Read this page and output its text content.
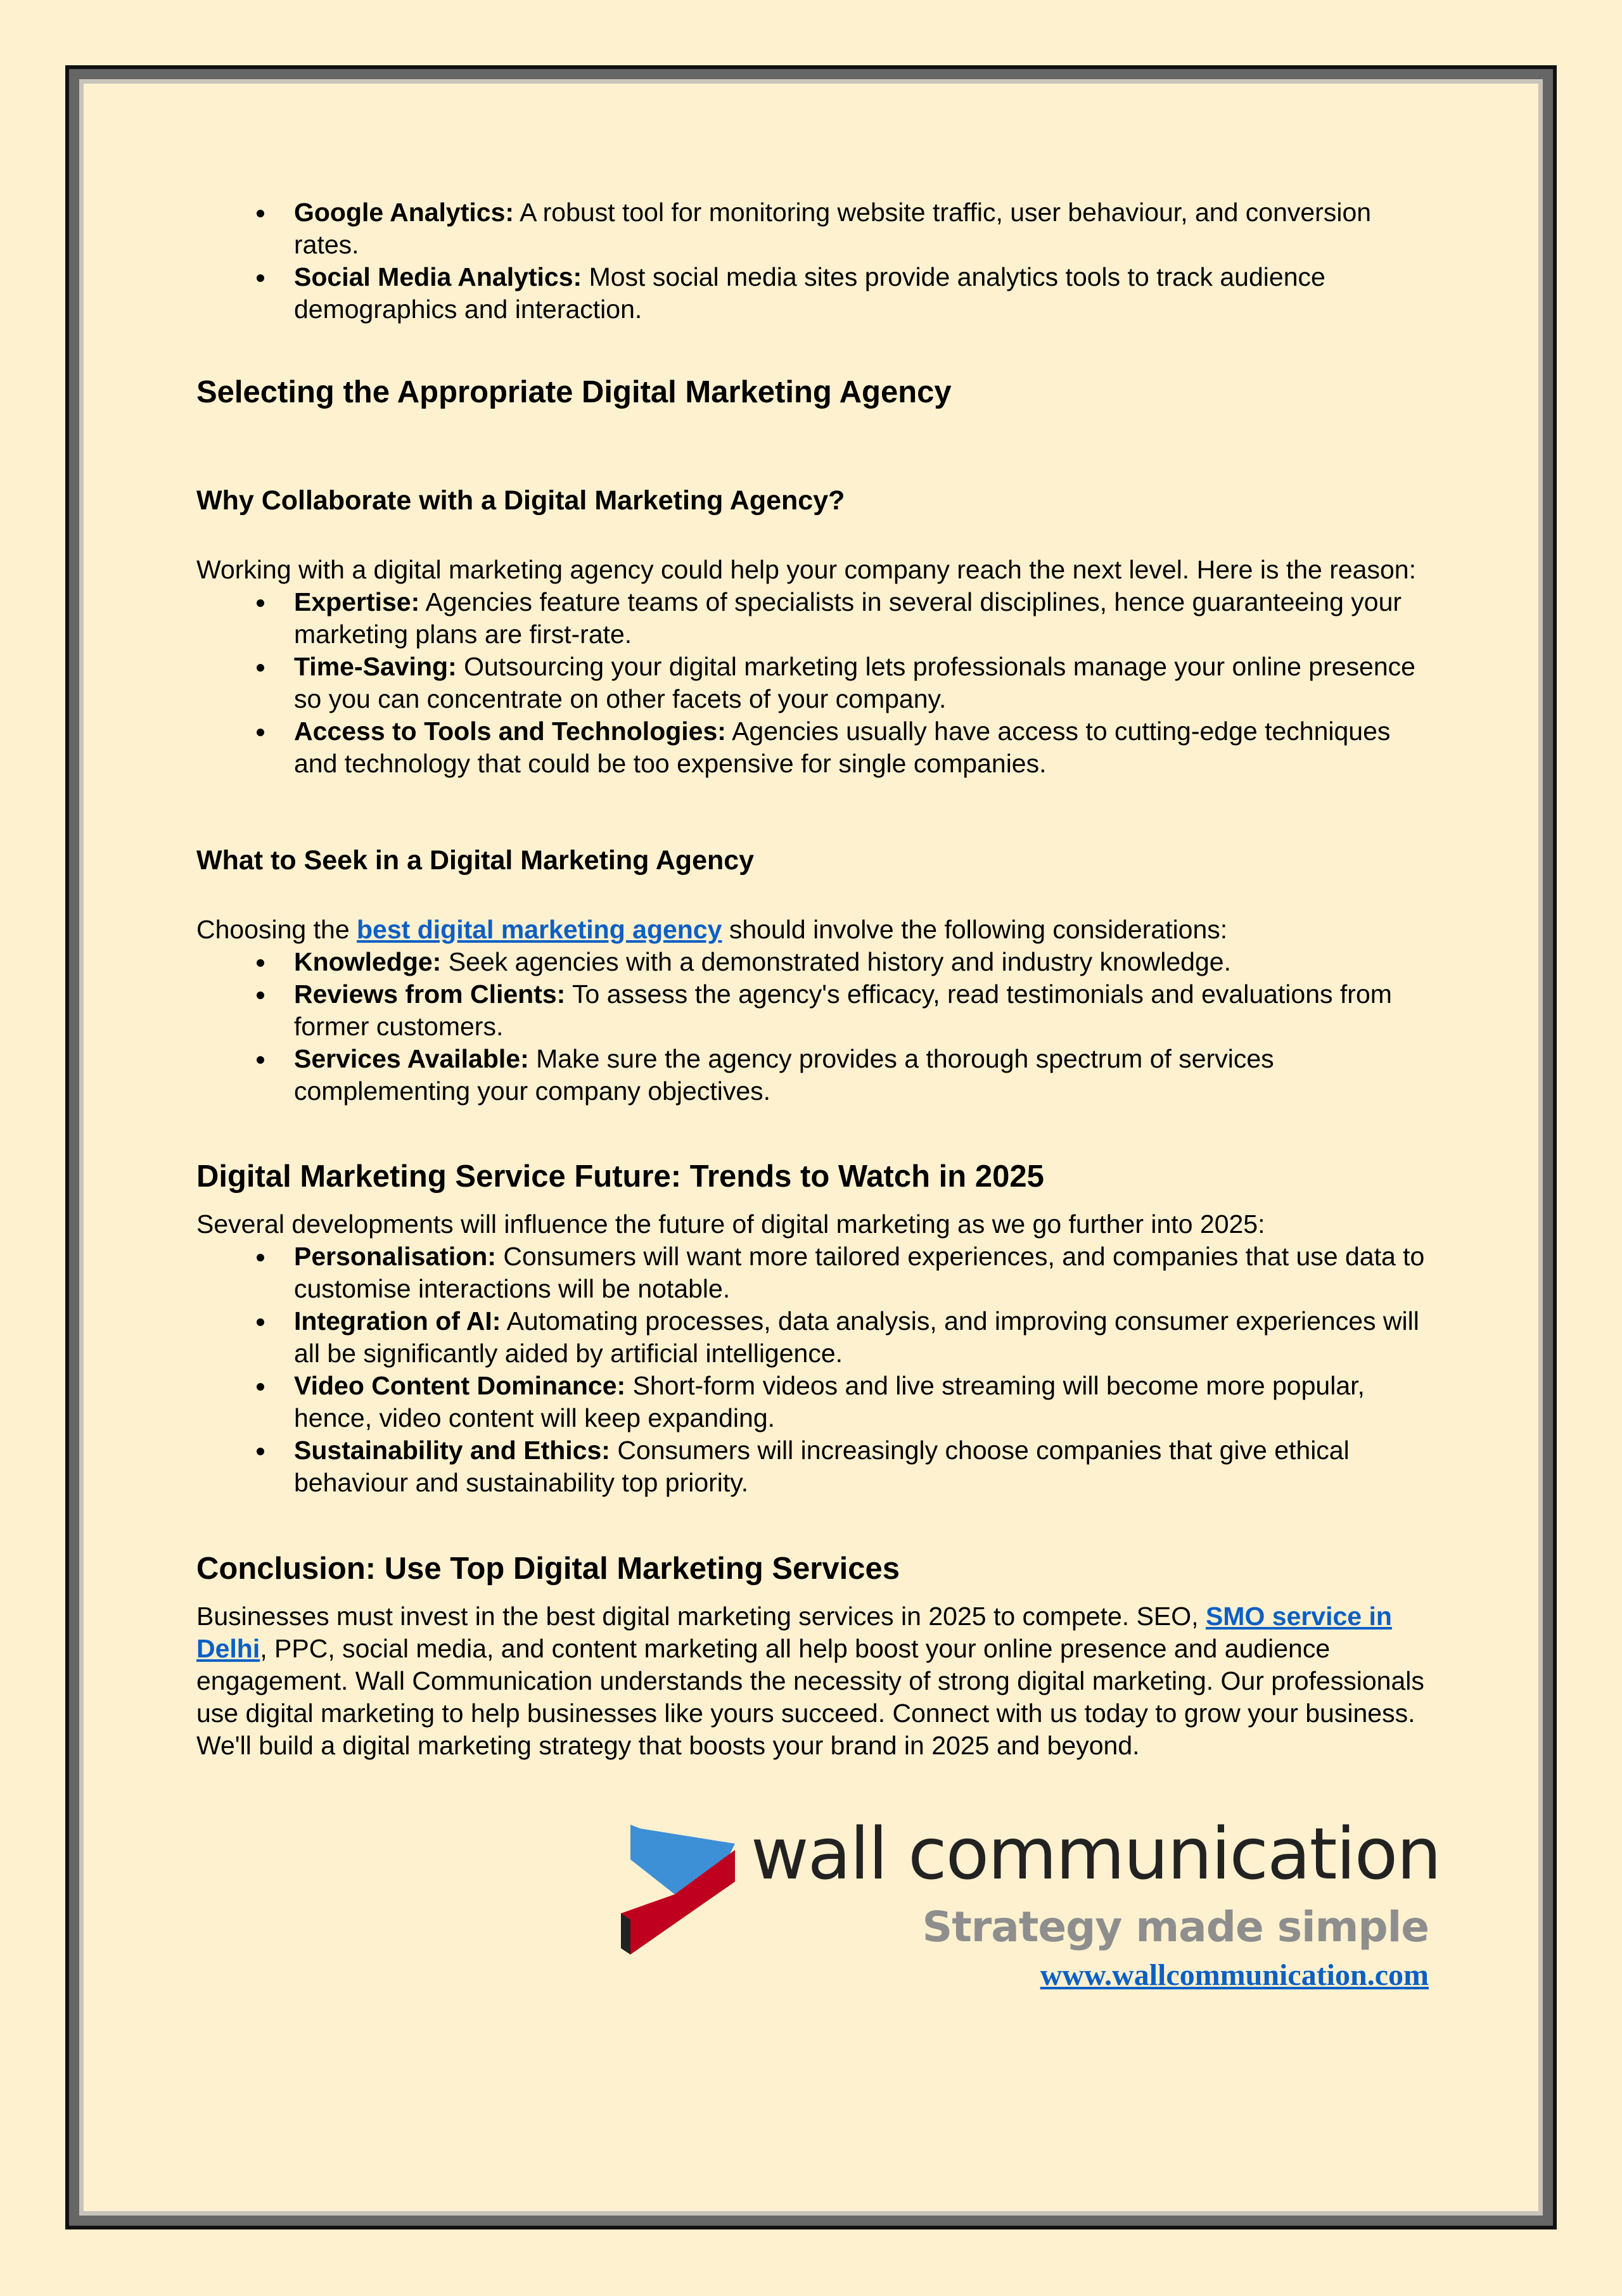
Google Analytics: A robust tool for monitoring website traffic, user behaviour, and conversion rates.
Social Media Analytics: Most social media sites provide analytics tools to track audience demographics and interaction.
Selecting the Appropriate Digital Marketing Agency
Why Collaborate with a Digital Marketing Agency?

Working with a digital marketing agency could help your company reach the next level. Here is the reason:

Expertise: Agencies feature teams of specialists in several disciplines, hence guaranteeing your marketing plans are first-rate.
Time-Saving: Outsourcing your digital marketing lets professionals manage your online presence so you can concentrate on other facets of your company.
Access to Tools and Technologies: Agencies usually have access to cutting-edge techniques and technology that could be too expensive for single companies.
What to Seek in a Digital Marketing Agency

Choosing the best digital marketing agency should involve the following considerations:

Knowledge: Seek agencies with a demonstrated history and industry knowledge.
Reviews from Clients: To assess the agency's efficacy, read testimonials and evaluations from former customers.
Services Available: Make sure the agency provides a thorough spectrum of services complementing your company objectives.
Digital Marketing Service Future: Trends to Watch in 2025

Several developments will influence the future of digital marketing as we go further into 2025:

Personalisation: Consumers will want more tailored experiences, and companies that use data to customise interactions will be notable.
Integration of AI: Automating processes, data analysis, and improving consumer experiences will all be significantly aided by artificial intelligence.
Video Content Dominance: Short-form videos and live streaming will become more popular, hence, video content will keep expanding.
Sustainability and Ethics: Consumers will increasingly choose companies that give ethical behaviour and sustainability top priority.
Conclusion: Use Top Digital Marketing Services

Businesses must invest in the best digital marketing services in 2025 to compete. SEO, SMO service in Delhi, PPC, social media, and content marketing all help boost your online presence and audience engagement. Wall Communication understands the necessity of strong digital marketing. Our professionals use digital marketing to help businesses like yours succeed. Connect with us today to grow your business. We'll build a digital marketing strategy that boosts your brand in 2025 and beyond.

wall communication
Strategy made simple
www.wallcommunication.com
